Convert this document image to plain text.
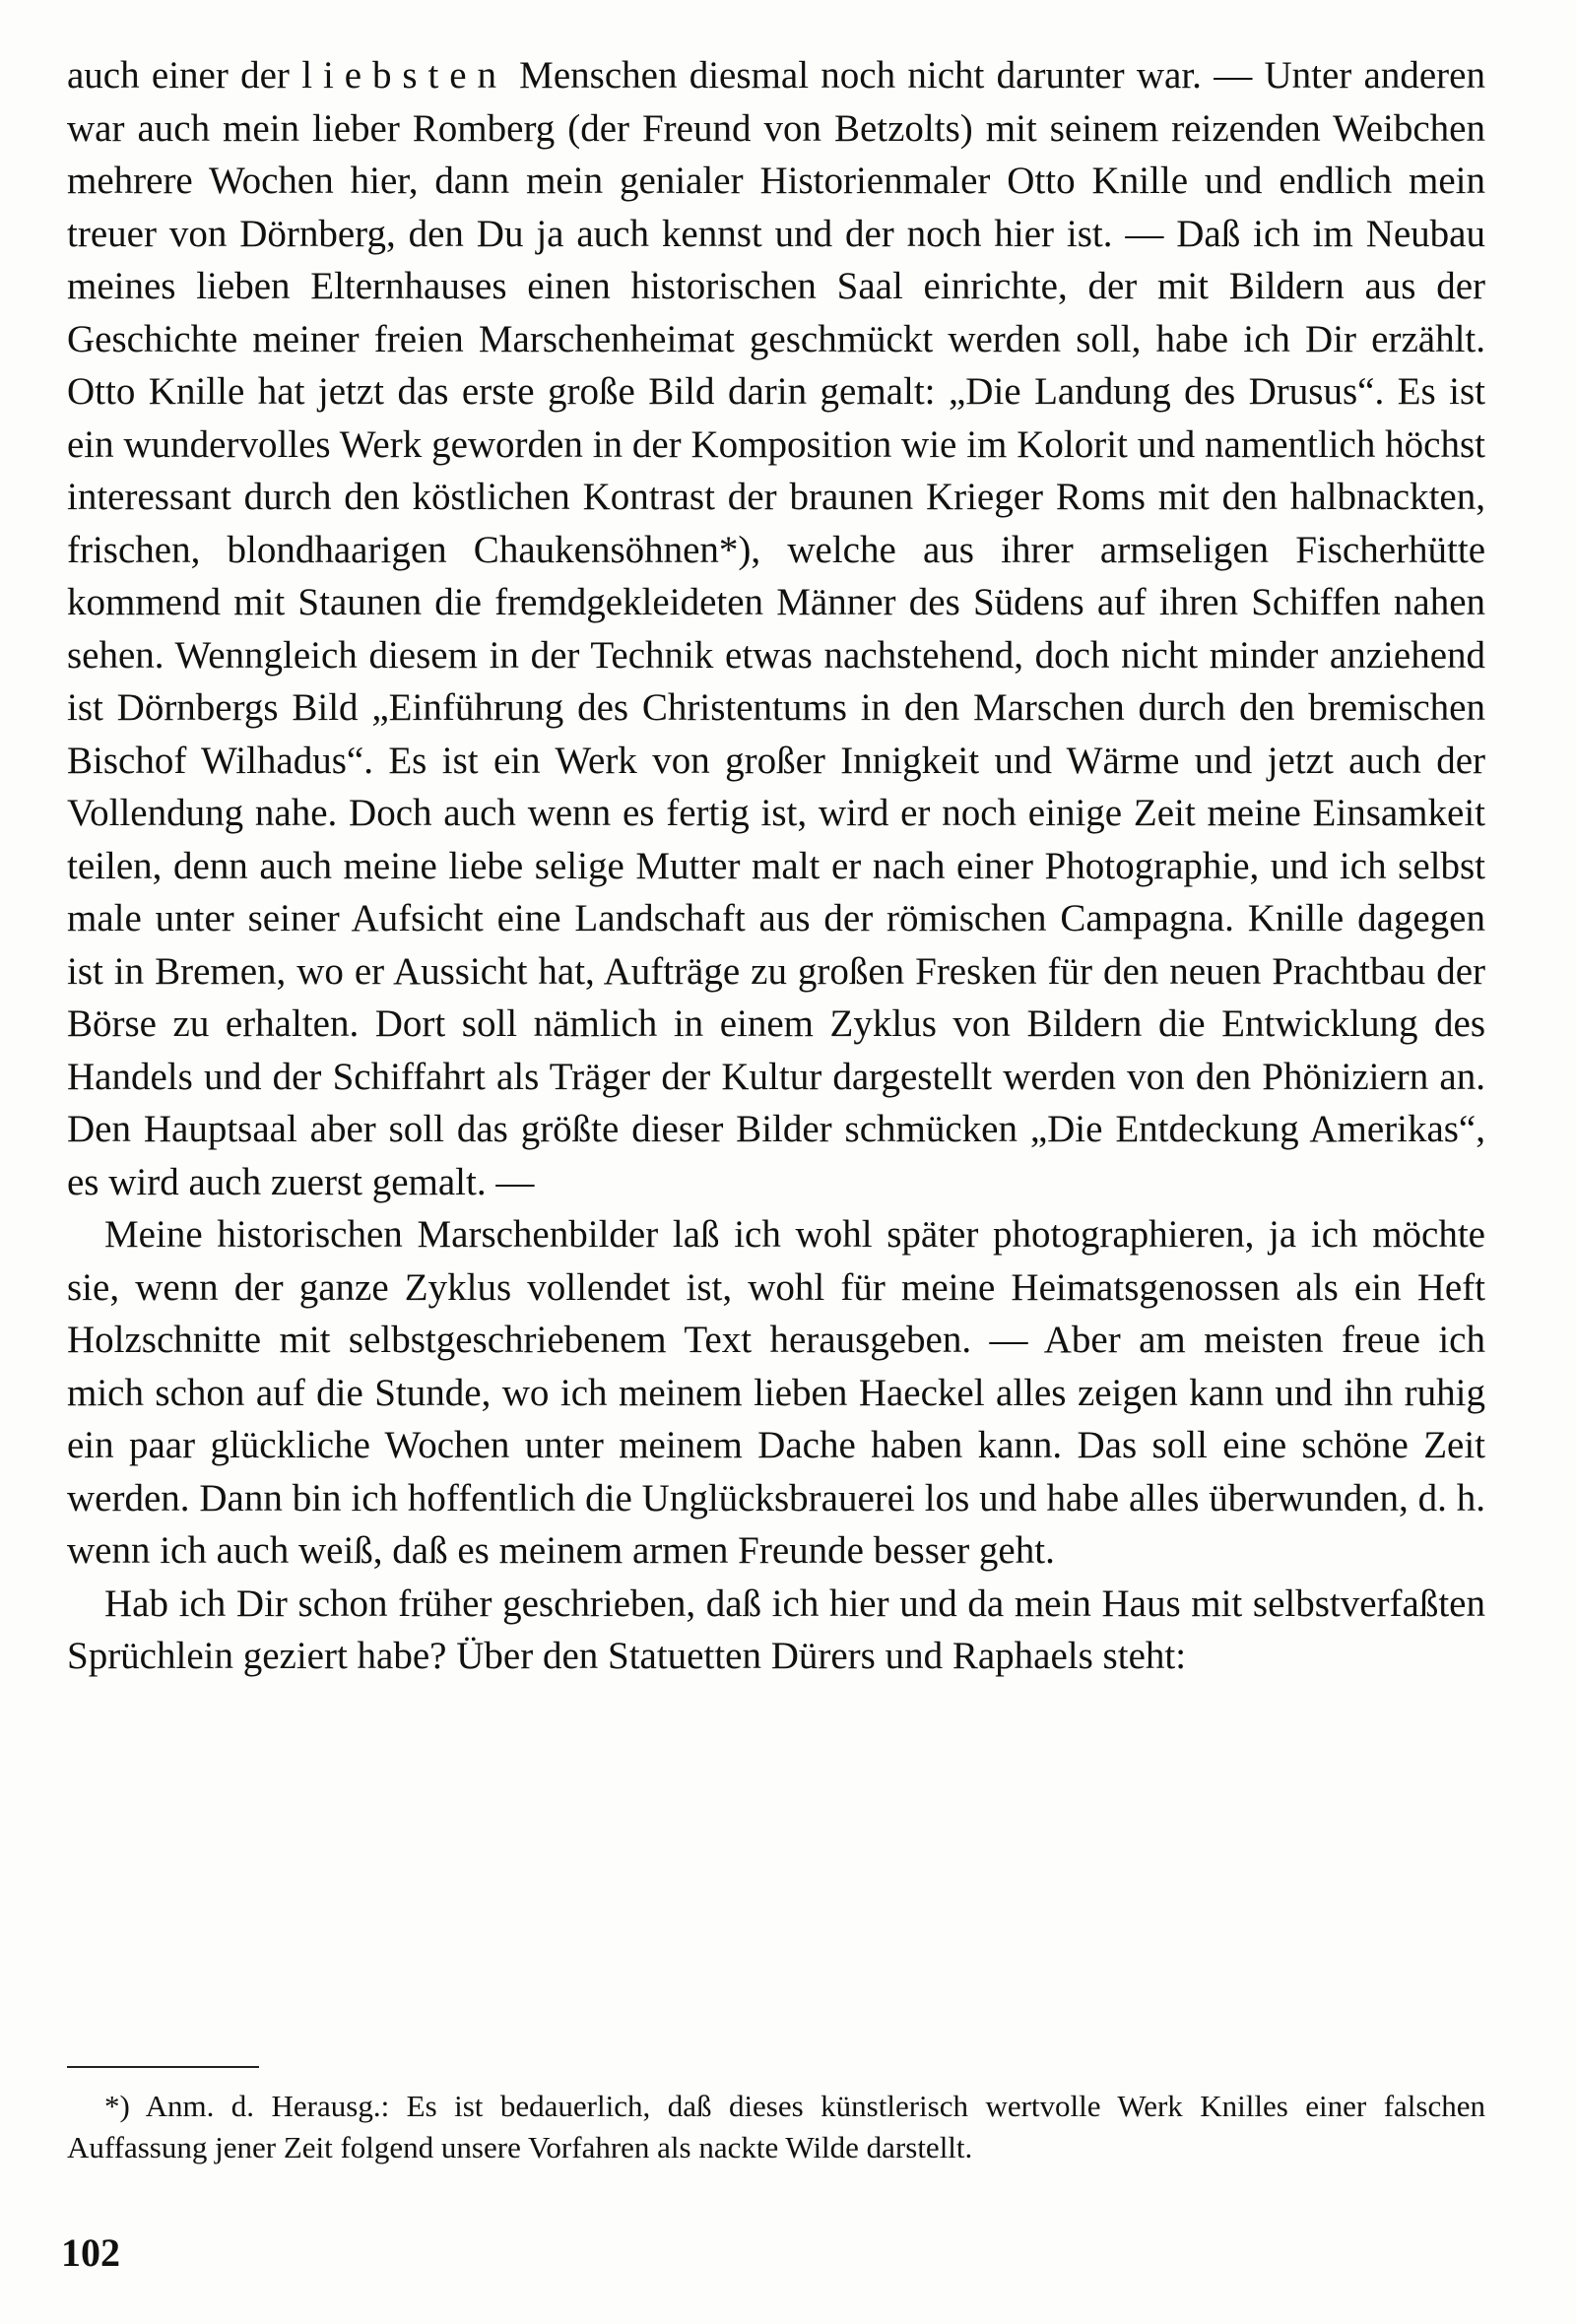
auch einer der liebsten Menschen diesmal noch nicht darunter war. — Unter anderen war auch mein lieber Romberg (der Freund von Betzolts) mit seinem reizenden Weibchen mehrere Wochen hier, dann mein genialer Historienmaler Otto Knille und endlich mein treuer von Dörnberg, den Du ja auch kennst und der noch hier ist. — Daß ich im Neubau meines lieben Elternhauses einen historischen Saal einrichte, der mit Bildern aus der Geschichte meiner freien Marschenheimat geschmückt werden soll, habe ich Dir erzählt. Otto Knille hat jetzt das erste große Bild darin gemalt: „Die Landung des Drusus“. Es ist ein wundervolles Werk geworden in der Komposition wie im Kolorit und namentlich höchst interessant durch den köstlichen Kontrast der braunen Krieger Roms mit den halbnackten, frischen, blondhaarigen Chaukensöhnen*), welche aus ihrer armseligen Fischerhütte kommend mit Staunen die fremdgekleideten Männer des Südens auf ihren Schiffen nahen sehen. Wenngleich diesem in der Technik etwas nachstehend, doch nicht minder anziehend ist Dörnbergs Bild „Einführung des Christentums in den Marschen durch den bremischen Bischof Wilhadus“. Es ist ein Werk von großer Innigkeit und Wärme und jetzt auch der Vollendung nahe. Doch auch wenn es fertig ist, wird er noch einige Zeit meine Einsamkeit teilen, denn auch meine liebe selige Mutter malt er nach einer Photographie, und ich selbst male unter seiner Aufsicht eine Landschaft aus der römischen Campagna. Knille dagegen ist in Bremen, wo er Aussicht hat, Aufträge zu großen Fresken für den neuen Prachtbau der Börse zu erhalten. Dort soll nämlich in einem Zyklus von Bildern die Entwicklung des Handels und der Schiffahrt als Träger der Kultur dargestellt werden von den Phöniziern an. Den Hauptsaal aber soll das größte dieser Bilder schmücken „Die Entdeckung Amerikas“, es wird auch zuerst gemalt. —

Meine historischen Marschenbilder laß ich wohl später photographieren, ja ich möchte sie, wenn der ganze Zyklus vollendet ist, wohl für meine Heimatsgenossen als ein Heft Holzschnitte mit selbstgeschriebenem Text herausgeben. — Aber am meisten freue ich mich schon auf die Stunde, wo ich meinem lieben Haeckel alles zeigen kann und ihn ruhig ein paar glückliche Wochen unter meinem Dache haben kann. Das soll eine schöne Zeit werden. Dann bin ich hoffentlich die Unglücksbrauerei los und habe alles überwunden, d. h. wenn ich auch weiß, daß es meinem armen Freunde besser geht.

Hab ich Dir schon früher geschrieben, daß ich hier und da mein Haus mit selbstverfaßten Sprüchlein geziert habe? Über den Statuetten Dürers und Raphaels steht:

*) Anm. d. Herausg.: Es ist bedauerlich, daß dieses künstlerisch wertvolle Werk Knilles einer falschen Auffassung jener Zeit folgend unsere Vorfahren als nackte Wilde darstellt.
102
